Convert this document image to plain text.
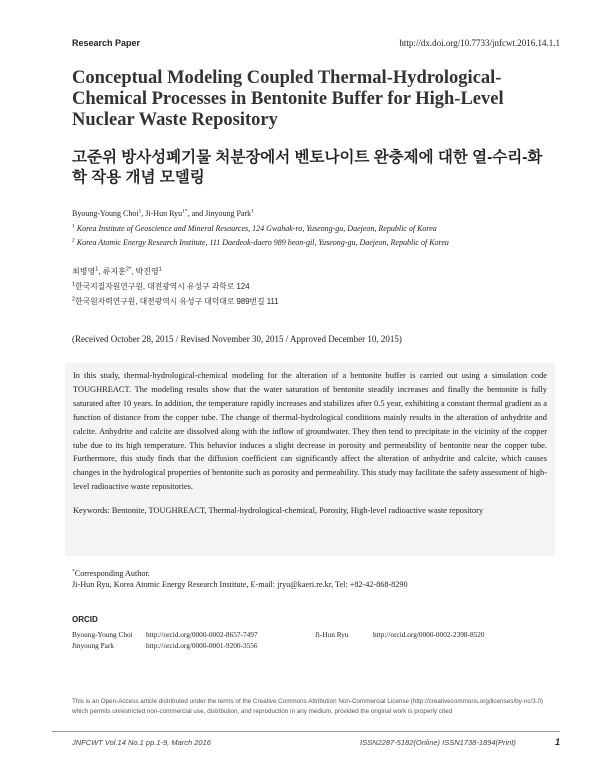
Research Paper	http://dx.doi.org/10.7733/jnfcwt.2016.14.1.1
Conceptual Modeling Coupled Thermal-Hydrological-Chemical Processes in Bentonite Buffer for High-Level Nuclear Waste Repository
고준위 방사성폐기물 처분장에서 벤토나이트 완충제에 대한 열-수리-화학 작용 개념 모델링
Byoung-Young Choi$^1$, Ji-Hun Ryu$^{1*}$, and Jinyoung Park$^1$
$^1$ Korea Institute of Geoscience and Mineral Resources, 124 Gwahak-ro, Yuseong-gu, Daejeon, Republic of Korea
$^2$ Korea Atomic Energy Research Institute, 111 Daedeok-daero 989 beon-gil, Yuseong-gu, Daejeon, Republic of Korea
최병영$^1$, 류지훈$^{2*}$, 박진영$^1$
$^1$한국지질자원연구원, 대전광역시 유성구 과학로 124
$^2$한국원자력연구원, 대전광역시 유성구 대덕대로 989번길 111
(Received October 28, 2015 / Revised November 30, 2015 / Approved December 10, 2015)
In this study, thermal-hydrological-chemical modeling for the alteration of a bentonite buffer is carried out using a simulation code TOUGHREACT. The modeling results show that the water saturation of bentonite steadily increases and finally the bentonite is fully saturated after 10 years. In addition, the temperature rapidly increases and stabilizes after 0.5 year, exhibiting a constant thermal gradient as a function of distance from the copper tube. The change of thermal-hydrological conditions mainly results in the alteration of anhydrite and calcite. Anhydrite and calcite are dissolved along with the inflow of groundwater. They then tend to precipitate in the vicinity of the copper tube due to its high temperature. This behavior induces a slight decrease in porosity and permeability of bentonite near the copper tube. Furthermore, this study finds that the diffusion coefficient can significantly affect the alteration of anhydrite and calcite, which causes changes in the hydrological properties of bentonite such as porosity and permeability. This study may facilitate the safety assessment of high-level radioactive waste repositories.
Keywords: Bentonite, TOUGHREACT, Thermal-hydrological-chemical, Porosity, High-level radioactive waste repository
*Corresponding Author.
Ji-Hun Ryu, Korea Atomic Energy Research Institute, E-mail: jryu@kaeri.re.kr, Tel: +82-42-868-8290
ORCID
Byoung-Young Choi http://orcid.org/0000-0002-8657-7497	Ji-Hun Ryu	http://orcid.org/0000-0002-2398-8520
Jinyoung Park	http://orcid.org/0000-0001-9200-3556
This is an Open-Access article distributed under the terms of the Creative Commons Attribution Non-Commercial License (http://creativecommons.org/licenses/by-nc/3.0) which permits unrestricted non-commercial use, distribution, and reproduction in any medium, provided the original work is properly cited
JNFCWT Vol.14 No.1 pp.1-9, March 2016	ISSN2287-5182(Online) ISSN1738-1894(Print)	1
